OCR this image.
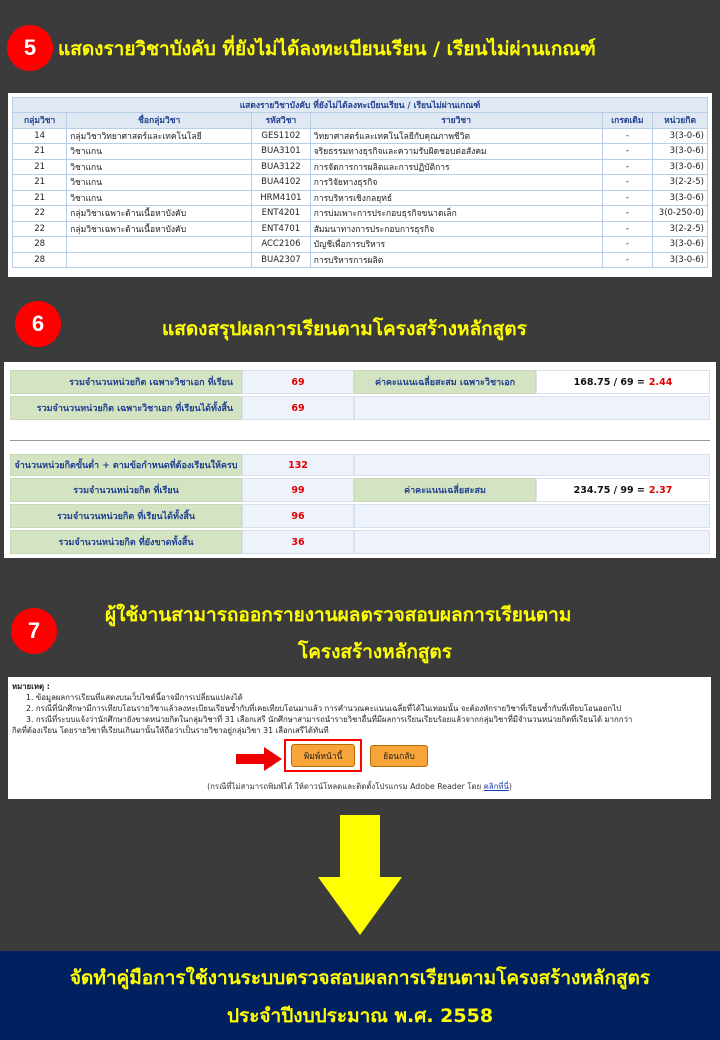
5	แสดงรายวิชาบังคับ ที่ยังไม่ได้ลงทะเบียนเรียน / เรียนไม่ผ่านเกณฑ์
แสดงรายวิชาบังคับ ที่ยังไม่ได้ลงทะเบียนเรียน / เรียนไม่ผ่านเกณฑ์					
กลุ่มวิชา	ชื่อกลุ่มวิชา	รหัสวิชา	รายวิชา	เกรดเดิม	หน่วยกิต
14	กลุ่มวิชาวิทยาศาสตร์และเทคโนโลยี	GES1102	วิทยาศาสตร์และเทคโนโลยีกับคุณภาพชีวิต	-	3(3-0-6)
21	วิชาแกน	BUA3101	จริยธรรมทางธุรกิจและความรับผิดชอบต่อสังคม	-	3(3-0-6)
21	วิชาแกน	BUA3122	การจัดการการผลิตและการปฏิบัติการ	-	3(3-0-6)
21	วิชาแกน	BUA4102	การวิจัยทางธุรกิจ	-	3(2-2-5)
21	วิชาแกน	HRM4101	การบริหารเชิงกลยุทธ์	-	3(3-0-6)
22	กลุ่มวิชาเฉพาะด้านเนื้อหาบังคับ	ENT4201	การบ่มเพาะการประกอบธุรกิจขนาดเล็ก	-	3(0-250-0)
22	กลุ่มวิชาเฉพาะด้านเนื้อหาบังคับ	ENT4701	สัมมนาทางการประกอบการธุรกิจ	-	3(2-2-5)
28		ACC2106	บัญชีเพื่อการบริหาร	-	3(3-0-6)
28		BUA2307	การบริหารการผลิต	-	3(3-0-6)
6	แสดงสรุปผลการเรียนตามโครงสร้างหลักสูตร
รวมจำนวนหน่วยกิต เฉพาะวิชาเอก ที่เรียน	69	ค่าคะแนนเฉลี่ยสะสม เฉพาะวิชาเอก	168.75 / 69 = 2.44
รวมจำนวนหน่วยกิต เฉพาะวิชาเอก ที่เรียนได้ทั้งสิ้น	69
จำนวนหน่วยกิตขั้นต่ำ + ตามข้อกำหนดที่ต้องเรียนให้ครบ	132
รวมจำนวนหน่วยกิต ที่เรียน	99	ค่าคะแนนเฉลี่ยสะสม	234.75 / 99 = 2.37
รวมจำนวนหน่วยกิต ที่เรียนได้ทั้งสิ้น	96
รวมจำนวนหน่วยกิต ที่ยังขาดทั้งสิ้น	36
7
ผู้ใช้งานสามารถออกรายงานผลตรวจสอบผลการเรียนตาม
โครงสร้างหลักสูตร
หมายเหตุ :
1. ข้อมูลผลการเรียนที่แสดงบนเว็บไซต์นี้อาจมีการเปลี่ยนแปลงได้
2. กรณีที่นักศึกษามีการเทียบโอนรายวิชาแล้วลงทะเบียนเรียนซ้ำกับที่เคยเทียบโอนมาแล้ว การคำนวณคะแนนเฉลี่ยที่ได้ในเทอมนั้น จะต้องหักรายวิชาที่เรียนซ้ำกับที่เทียบโอนออกไป
3. กรณีที่ระบบแจ้งว่านักศึกษายังขาดหน่วยกิตในกลุ่มวิชาที่ 31 เลือกเสรี นักศึกษาสามารถนำรายวิชาอื่นที่มีผลการเรียนเรียบร้อยแล้วจากกลุ่มวิชาที่มีจำนวนหน่วยกิตที่เรียนได้ มากกว่า
กิตที่ต้องเรียน โดยรายวิชาที่เรียนเกินมานั้นให้ถือว่าเป็นรายวิชาอยู่กลุ่มวิชา 31 เลือกเสรีได้ทันที
พิมพ์หน้านี้	ย้อนกลับ
(กรณีที่ไม่สามารถพิมพ์ได้ ให้ดาวน์โหลดและติดตั้งโปรแกรม Adobe Reader โดย คลิกที่นี่)
จัดทำคู่มือการใช้งานระบบตรวจสอบผลการเรียนตามโครงสร้างหลักสูตร
ประจำปีงบประมาณ พ.ศ. 2558
